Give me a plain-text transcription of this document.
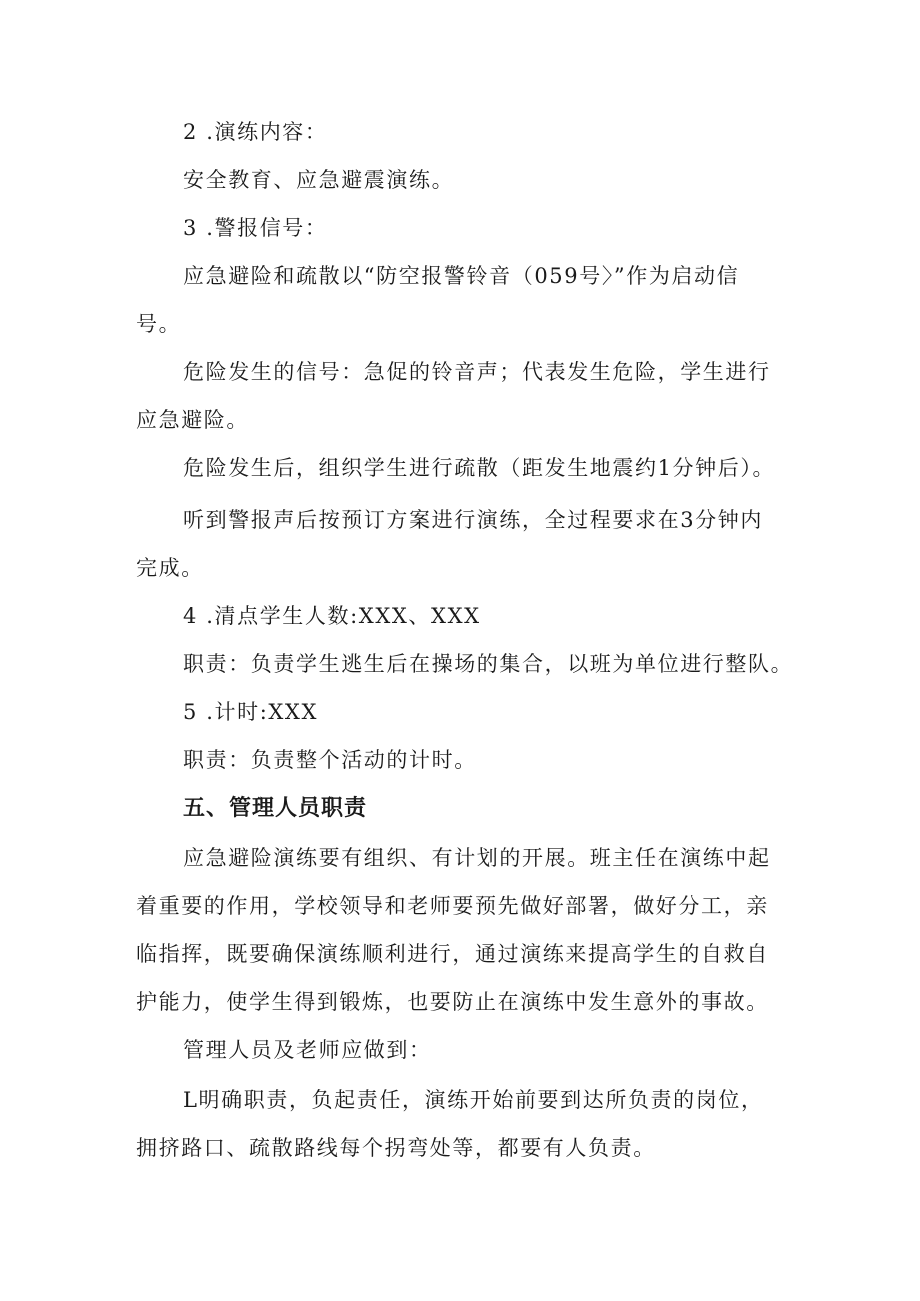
2 .演练内容：
安全教育、应急避震演练。
3 .警报信号：
应急避险和疏散以“防空报警铃音（059号〉”作为启动信
号。
危险发生的信号：急促的铃音声；代表发生危险，学生进行
应急避险。
危险发生后，组织学生进行疏散（距发生地震约1分钟后）。
听到警报声后按预订方案进行演练，全过程要求在3分钟内
完成。
4 .清点学生人数:XXX、XXX
职责：负责学生逃生后在操场的集合，以班为单位进行整队。
5 .计时:XXX
职责：负责整个活动的计时。
五、管理人员职责
应急避险演练要有组织、有计划的开展。班主任在演练中起
着重要的作用，学校领导和老师要预先做好部署，做好分工，亲
临指挥，既要确保演练顺利进行，通过演练来提高学生的自救自
护能力，使学生得到锻炼，也要防止在演练中发生意外的事故。
管理人员及老师应做到：
L明确职责，负起责任，演练开始前要到达所负责的岗位，
拥挤路口、疏散路线每个拐弯处等，都要有人负责。
